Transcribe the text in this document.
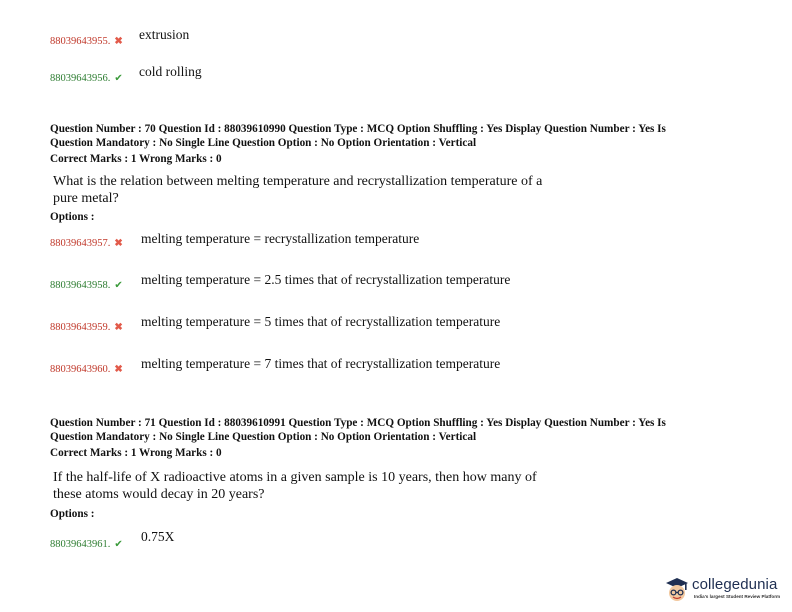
88039643955. ✖ extrusion
88039643956. ✔ cold rolling
Question Number : 70 Question Id : 88039610990 Question Type : MCQ Option Shuffling : Yes Display Question Number : Yes Is
Question Mandatory : No Single Line Question Option : No Option Orientation : Vertical
Correct Marks : 1 Wrong Marks : 0
What is the relation between melting temperature and recrystallization temperature of a
pure metal?
Options :
88039643957. ✖ melting temperature = recrystallization temperature
88039643958. ✔ melting temperature = 2.5 times that of recrystallization temperature
88039643959. ✖ melting temperature = 5 times that of recrystallization temperature
88039643960. ✖ melting temperature = 7 times that of recrystallization temperature
Question Number : 71 Question Id : 88039610991 Question Type : MCQ Option Shuffling : Yes Display Question Number : Yes Is
Question Mandatory : No Single Line Question Option : No Option Orientation : Vertical
Correct Marks : 1 Wrong Marks : 0
If the half-life of X radioactive atoms in a given sample is 10 years, then how many of
these atoms would decay in 20 years?
Options :
88039643961. ✔
0.75X
collegedunia
India's largest Student Review Platform
